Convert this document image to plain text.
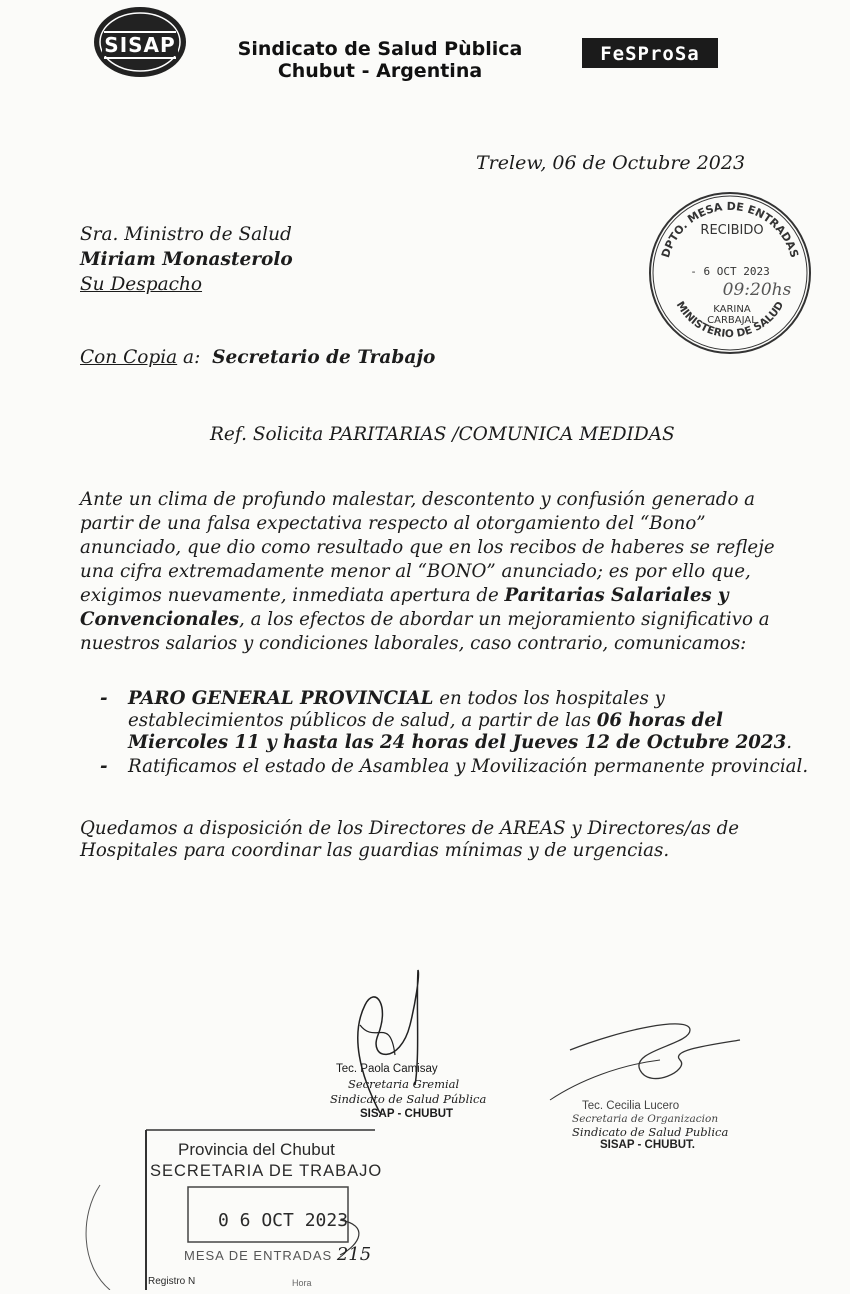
SISAP	Sindicato de Salud Pùblica
Chubut - Argentina
FeSProSa
Trelew, 06 de Octubre 2023
Sra. Ministro de Salud
Miriam Monasterolo
Su Despacho
Con Copia a: Secretario de Trabajo
Ref. Solicita PARITARIAS /COMUNICA MEDIDAS
Ante un clima de profundo malestar, descontento y confusión generado a partir de una falsa expectativa respecto al otorgamiento del “Bono” anunciado, que dio como resultado que en los recibos de haberes se refleje una cifra extremadamente menor al “BONO” anunciado; es por ello que, exigimos nuevamente, inmediata apertura de Paritarias Salariales y Convencionales, a los efectos de abordar un mejoramiento significativo a nuestros salarios y condiciones laborales, caso contrario, comunicamos:
-	PARO GENERAL PROVINCIAL en todos los hospitales y establecimientos públicos de salud, a partir de las 06 horas del Miercoles 11 y hasta las 24 horas del Jueves 12 de Octubre 2023.
-	Ratificamos el estado de Asamblea y Movilización permanente provincial.
Quedamos a disposición de los Directores de AREAS y Directores/as de Hospitales para coordinar las guardias mínimas y de urgencias.
DPTO. MESA DE ENTRADAS
MINISTERIO DE SALUD
RECIBIDO
- 6 OCT 2023
09:20hs
KARINA
CARBAJAL
Tec. Paola Camisay
Secretaria Gremial
Sindicato de Salud Pública
SISAP - CHUBUT
Tec. Cecilia Lucero
Secretaria de Organizacion
Sindicato de Salud Publica
SISAP - CHUBUT.
Provincia del Chubut
SECRETARIA DE TRABAJO
0 6 OCT 2023
MESA DE ENTRADAS 215
Registro N	Hora
